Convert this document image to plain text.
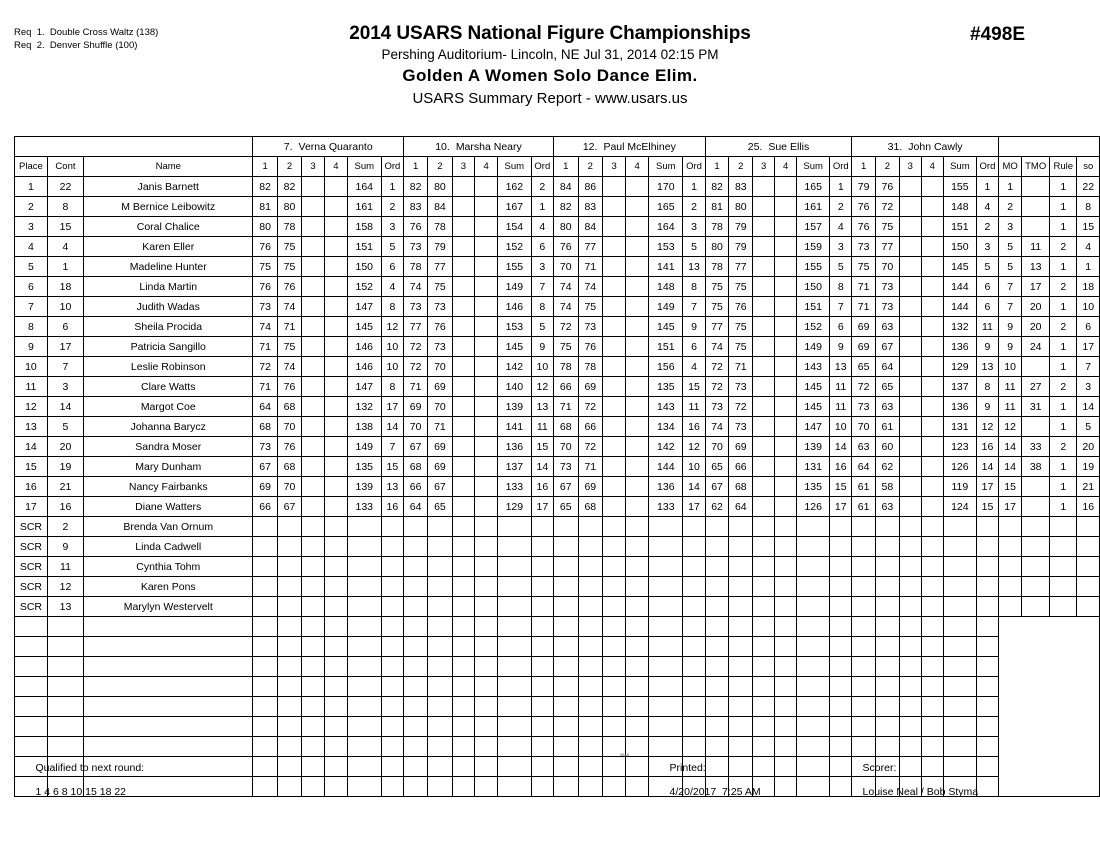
Req  1.  Double Cross Waltz (138)
Req  2.  Denver Shuffle (100)
2014 USARS National Figure Championships
Pershing Auditorium- Lincoln, NE Jul 31, 2014 02:15 PM
Golden A Women Solo Dance Elim.
USARS Summary Report - www.usars.us
#498E
			7. Verna Quaranto						10. Marsha Neary						12. Paul McElhiney						25. Sue Ellis						31. John Cawly									
Place	Cont	Name	1	2	3	4	Sum	Ord	1	2	3	4	Sum	Ord	1	2	3	4	Sum	Ord	1	2	3	4	Sum	Ord	1	2	3	4	Sum	Ord	MO	TMO	Rule	so
1	22	Janis Barnett	82	82			164	1	82	80			162	2	84	86			170	1	82	83			165	1	79	76			155	1	1		1	22
2	8	M Bernice Leibowitz	81	80			161	2	83	84			167	1	82	83			165	2	81	80			161	2	76	72			148	4	2		1	8
3	15	Coral Chalice	80	78			158	3	76	78			154	4	80	84			164	3	78	79			157	4	76	75			151	2	3		1	15
4	4	Karen Eller	76	75			151	5	73	79			152	6	76	77			153	5	80	79			159	3	73	77			150	3	5	11	2	4
5	1	Madeline Hunter	75	75			150	6	78	77			155	3	70	71			141	13	78	77			155	5	75	70			145	5	5	13	1	1
6	18	Linda Martin	76	76			152	4	74	75			149	7	74	74			148	8	75	75			150	8	71	73			144	6	7	17	2	18
7	10	Judith Wadas	73	74			147	8	73	73			146	8	74	75			149	7	75	76			151	7	71	73			144	6	7	20	1	10
8	6	Sheila Procida	74	71			145	12	77	76			153	5	72	73			145	9	77	75			152	6	69	63			132	11	9	20	2	6
9	17	Patricia Sangillo	71	75			146	10	72	73			145	9	75	76			151	6	74	75			149	9	69	67			136	9	9	24	1	17
10	7	Leslie Robinson	72	74			146	10	72	70			142	10	78	78			156	4	72	71			143	13	65	64			129	13	10		1	7
11	3	Clare Watts	71	76			147	8	71	69			140	12	66	69			135	15	72	73			145	11	72	65			137	8	11	27	2	3
12	14	Margot Coe	64	68			132	17	69	70			139	13	71	72			143	11	73	72			145	11	73	63			136	9	11	31	1	14
13	5	Johanna Barycz	68	70			138	14	70	71			141	11	68	66			134	16	74	73			147	10	70	61			131	12	12		1	5
14	20	Sandra Moser	73	76			149	7	67	69			136	15	70	72			142	12	70	69			139	14	63	60			123	16	14	33	2	20
15	19	Mary Dunham	67	68			135	15	68	69			137	14	73	71			144	10	65	66			131	16	64	62			126	14	14	38	1	19
16	21	Nancy Fairbanks	69	70			139	13	66	67			133	16	67	69			136	14	67	68			135	15	61	58			119	17	15		1	21
17	16	Diane Watters	66	67			133	16	64	65			129	17	65	68			133	17	62	64			126	17	61	63			124	15	17		1	16
SCR	2	Brenda Van Ornum																																		
SCR	9	Linda Cadwell																																		
SCR	11	Cynthia Tohm																																		
SCR	12	Karen Pons																																		
SCR	13	Marylyn Westervelt																																		

Qualified to next round:

1 4 6 8 10 15 18 22

3818

Printed:

4/20/2017  7:25 AM

Scorer:

Louise Neal / Bob Styma
